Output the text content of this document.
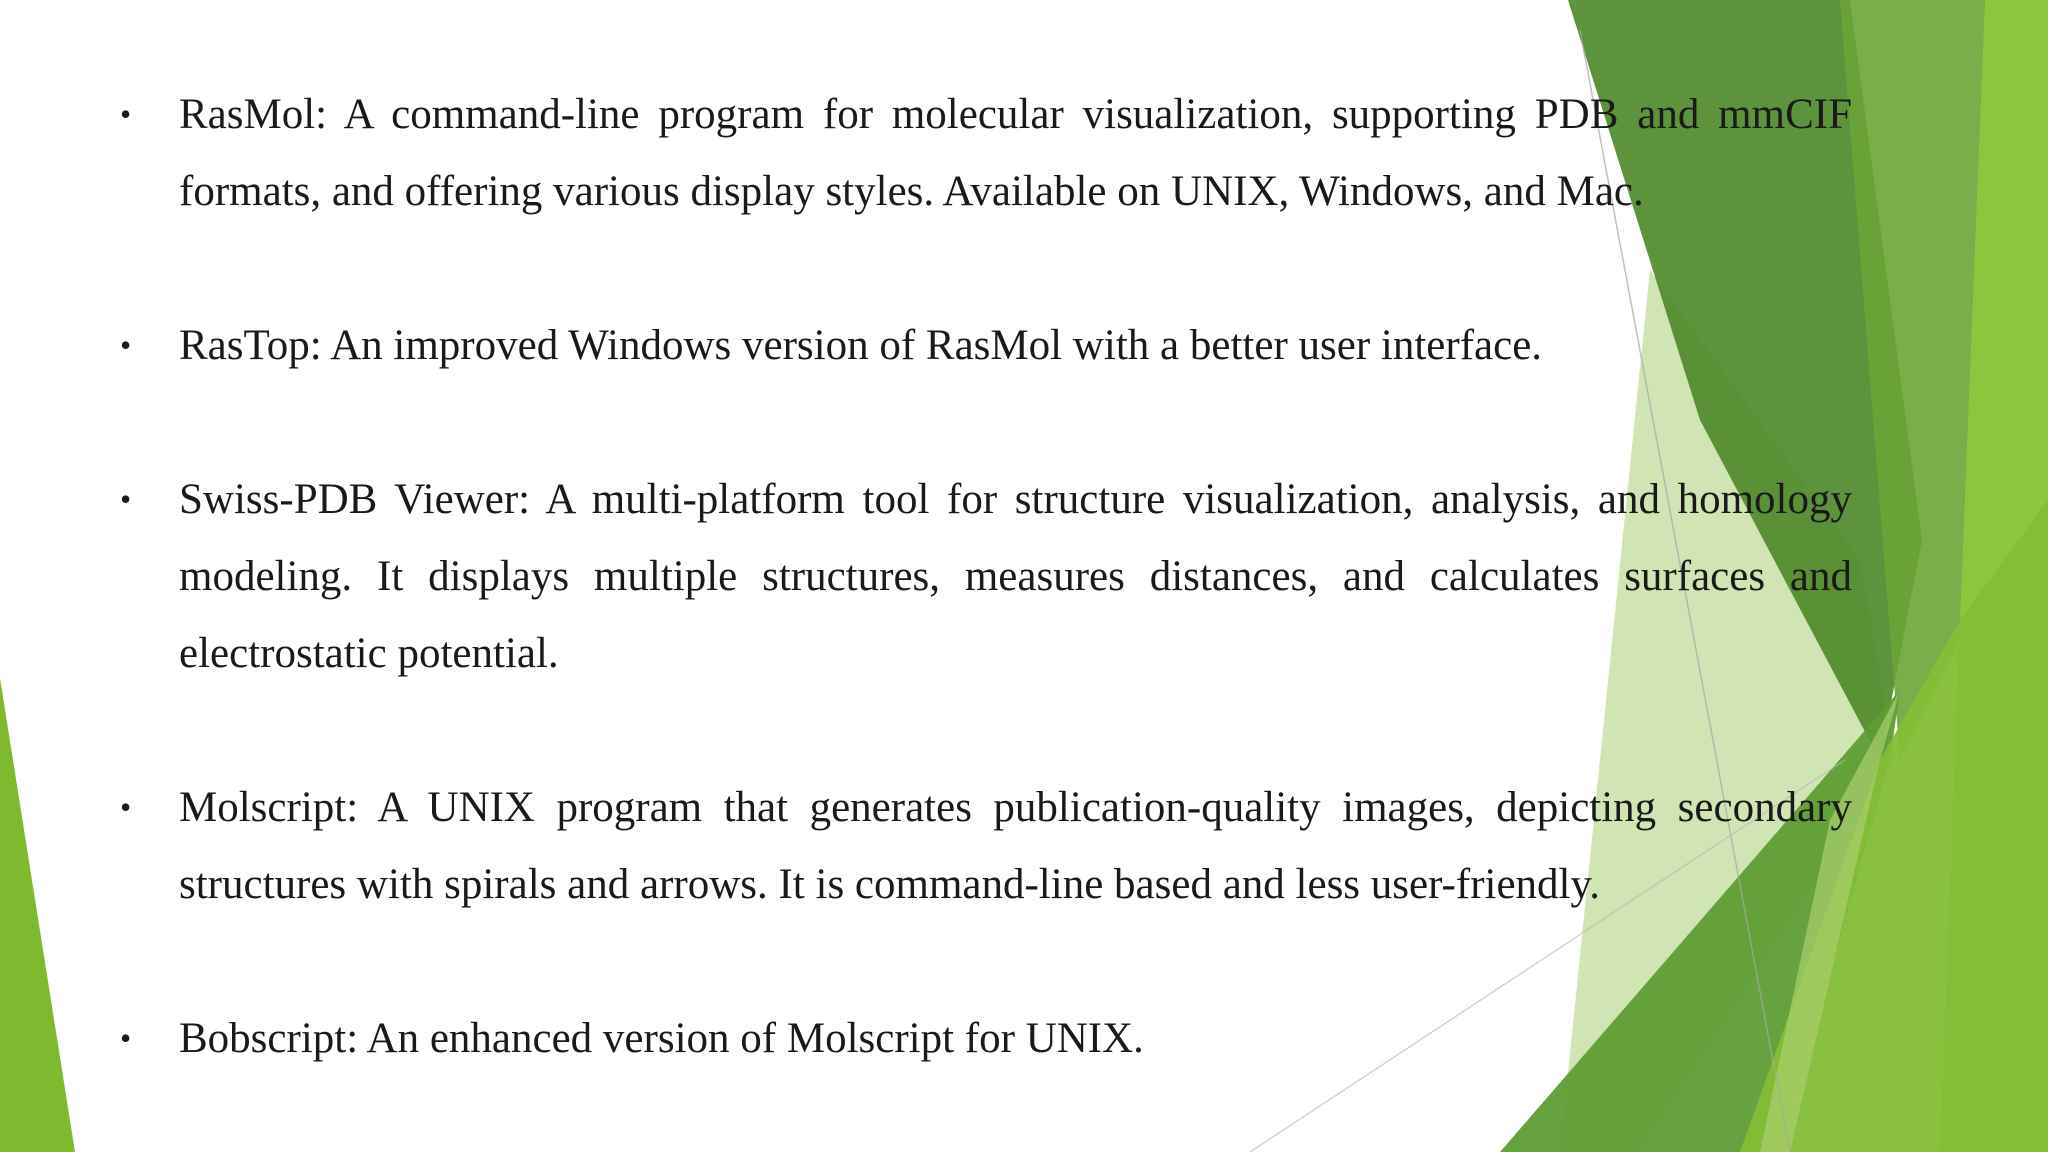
• RasMol: A command-line program for molecular visualization, supporting PDB and mmCIF formats, and offering various display styles. Available on UNIX, Windows, and Mac.
• RasTop: An improved Windows version of RasMol with a better user interface.
• Swiss-PDB Viewer: A multi-platform tool for structure visualization, analysis, and homology modeling. It displays multiple structures, measures distances, and calculates surfaces and electrostatic potential.
• Molscript: A UNIX program that generates publication-quality images, depicting secondary structures with spirals and arrows. It is command-line based and less user-friendly.
• Bobscript: An enhanced version of Molscript for UNIX.
